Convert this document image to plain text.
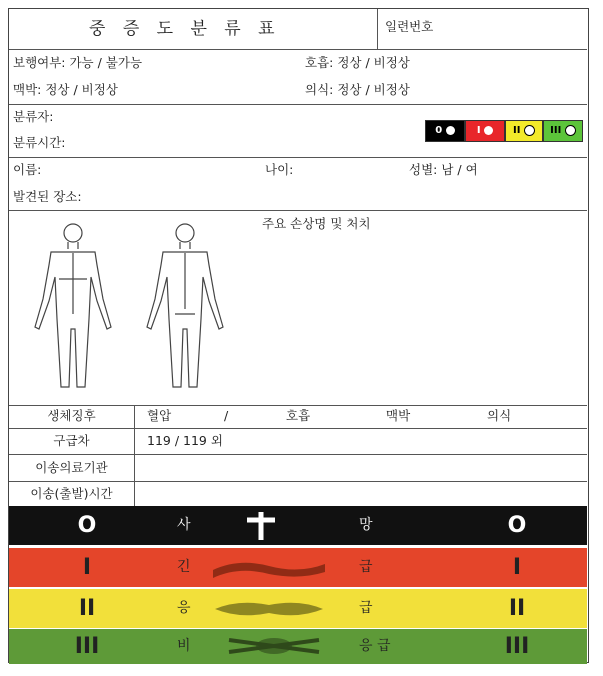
중 증 도 분 류 표	일련번호
보행여부: 가능 / 불가능	호흡: 정상 / 비정상
맥박: 정상 / 비정상	의식: 정상 / 비정상
분류자:
분류시간:
0	I	II	III
이름:	나이:	성별: 남 / 여
발견된 장소:
주요 손상명 및 처치
생체징후	혈압	/	호흡	맥박	의식
구급차	119 / 119 외
이송의료기관
이송(출발)시간
O	사	망	O
I	긴	급	I
II	응	급	II
III	비	응 급	III
